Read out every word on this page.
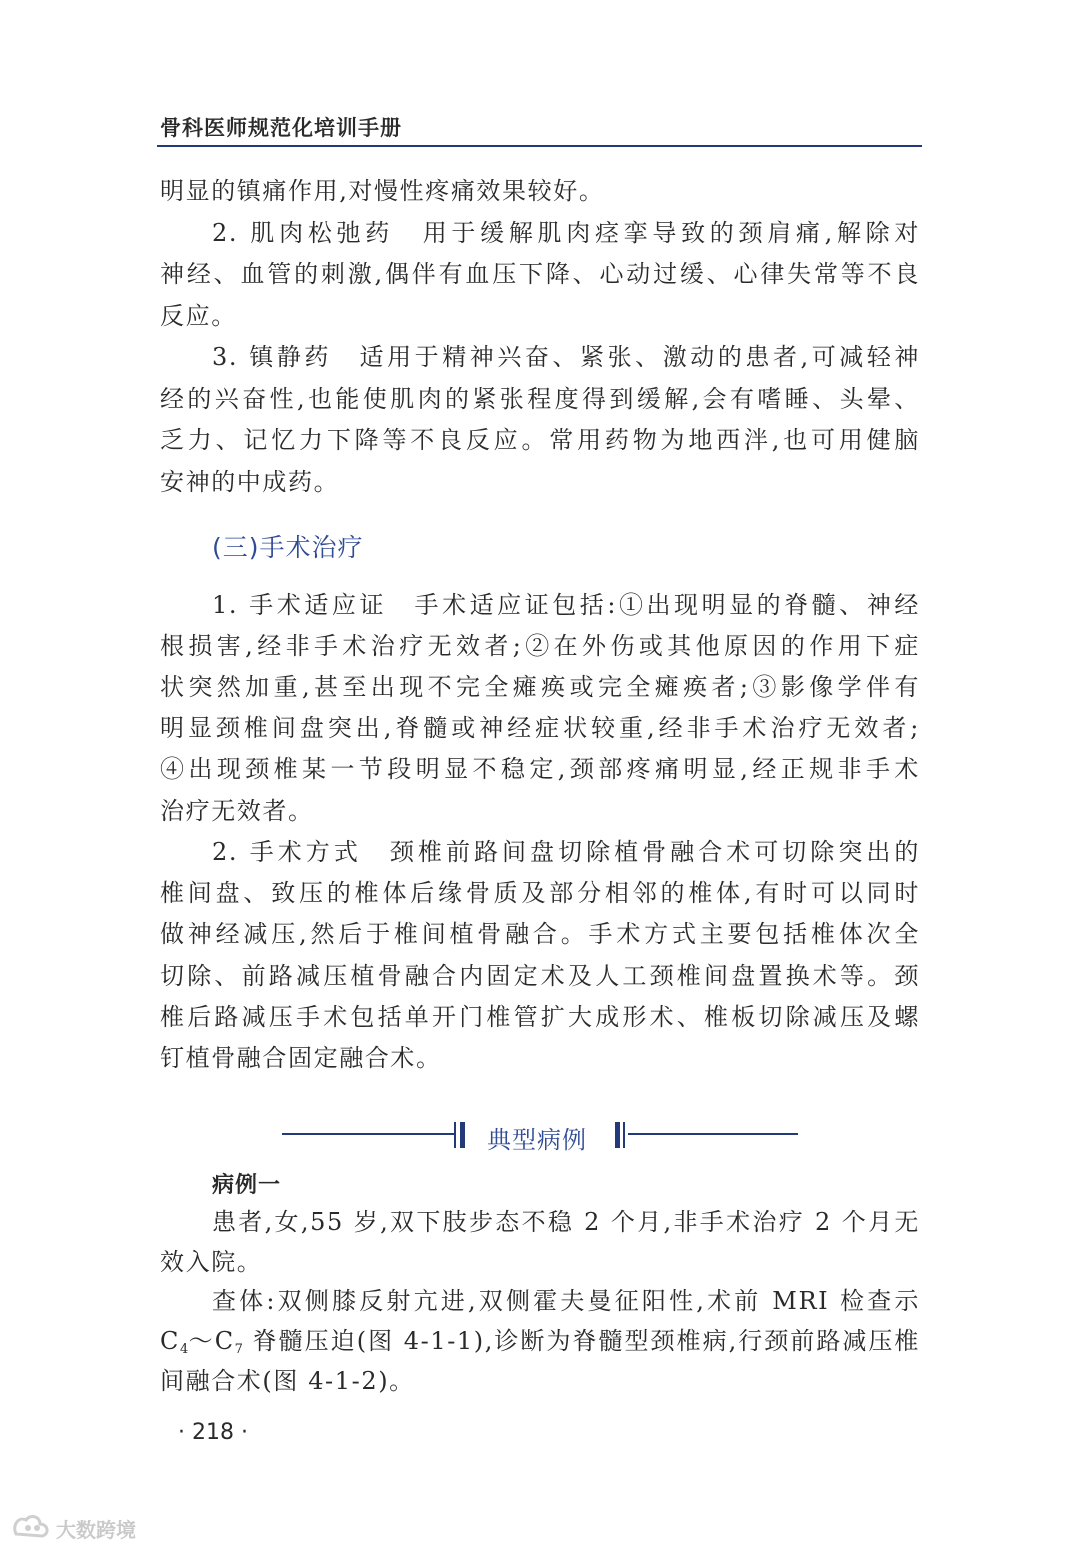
骨科医师规范化培训手册
明显的镇痛作用,对慢性疼痛效果较好。
2. 肌肉松弛药　用于缓解肌肉痉挛导致的颈肩痛,解除对
神经、血管的刺激,偶伴有血压下降、心动过缓、心律失常等不良
反应。
3. 镇静药　适用于精神兴奋、紧张、激动的患者,可减轻神
经的兴奋性,也能使肌肉的紧张程度得到缓解,会有嗜睡、头晕、
乏力、记忆力下降等不良反应。常用药物为地西泮,也可用健脑
安神的中成药。
(三)手术治疗
1. 手术适应证　手术适应证包括:①出现明显的脊髓、神经
根损害,经非手术治疗无效者;②在外伤或其他原因的作用下症
状突然加重,甚至出现不完全瘫痪或完全瘫痪者;③影像学伴有
明显颈椎间盘突出,脊髓或神经症状较重,经非手术治疗无效者;
④出现颈椎某一节段明显不稳定,颈部疼痛明显,经正规非手术
治疗无效者。
2. 手术方式　颈椎前路间盘切除植骨融合术可切除突出的
椎间盘、致压的椎体后缘骨质及部分相邻的椎体,有时可以同时
做神经减压,然后于椎间植骨融合。手术方式主要包括椎体次全
切除、前路减压植骨融合内固定术及人工颈椎间盘置换术等。颈
椎后路减压手术包括单开门椎管扩大成形术、椎板切除减压及螺
钉植骨融合固定融合术。
典型病例
病例一
患者,女,55 岁,双下肢步态不稳 2 个月,非手术治疗 2 个月无
效入院。
查体:双侧膝反射亢进,双侧霍夫曼征阳性,术前 MRI 检查示
$C_4\sim C_7$ 脊髓压迫(图 4-1-1),诊断为脊髓型颈椎病,行颈前路减压椎
间融合术(图 4-1-2)。
· 218 ·
大数跨境
